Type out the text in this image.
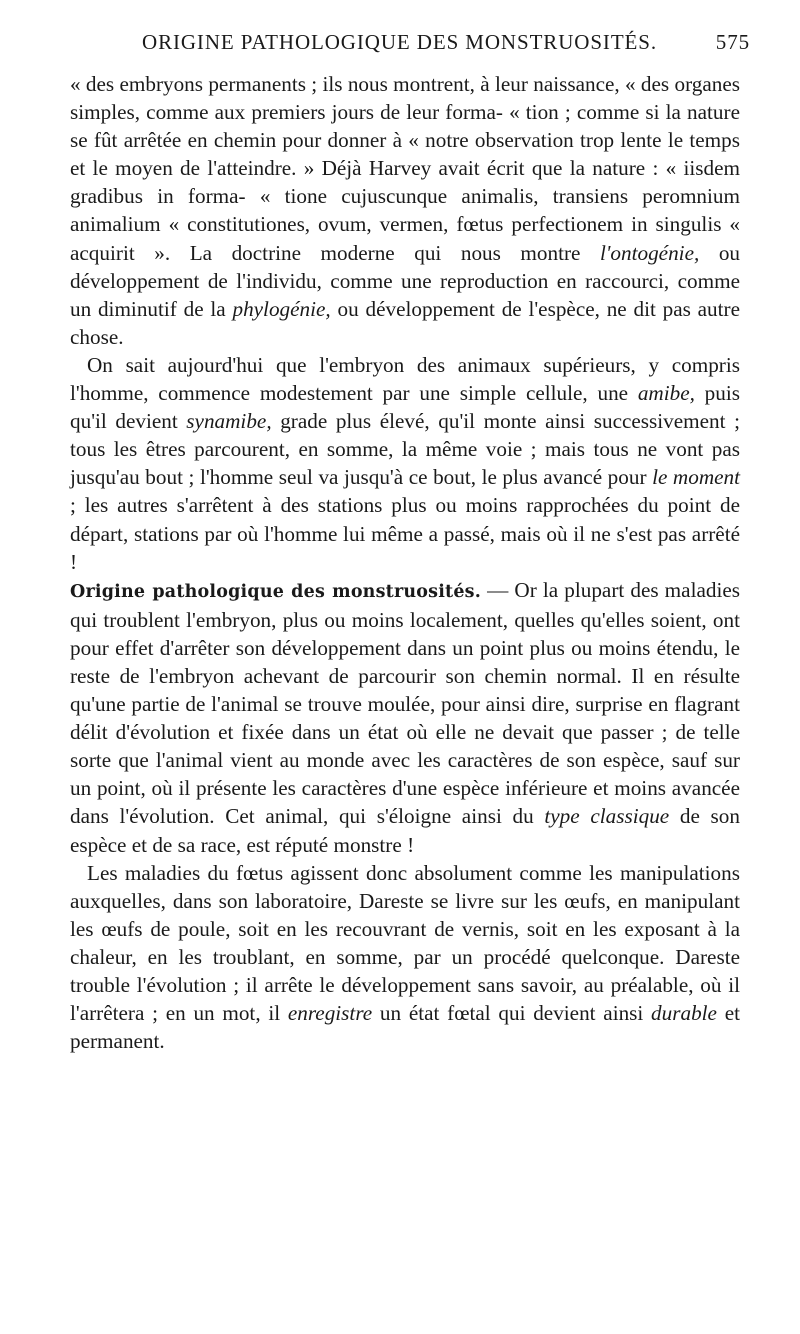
ORIGINE PATHOLOGIQUE DES MONSTRUOSITÉS.	575

« des embryons permanents ; ils nous montrent, à leur naissance, « des organes simples, comme aux premiers jours de leur forma- « tion ; comme si la nature se fût arrêtée en chemin pour donner à « notre observation trop lente le temps et le moyen de l'atteindre. » Déjà Harvey avait écrit que la nature : « iisdem gradibus in forma- « tione cujuscunque animalis, transiens peromnium animalium « constitutiones, ovum, vermen, fœtus perfectionem in singulis « acquirit ». La doctrine moderne qui nous montre l'ontogénie, ou développement de l'individu, comme une reproduction en raccourci, comme un diminutif de la phylogénie, ou développement de l'espèce, ne dit pas autre chose.

On sait aujourd'hui que l'embryon des animaux supérieurs, y compris l'homme, commence modestement par une simple cellule, une amibe, puis qu'il devient synamibe, grade plus élevé, qu'il monte ainsi successivement ; tous les êtres parcourent, en somme, la même voie ; mais tous ne vont pas jusqu'au bout ; l'homme seul va jusqu'à ce bout, le plus avancé pour le moment ; les autres s'arrêtent à des stations plus ou moins rapprochées du point de départ, stations par où l'homme lui même a passé, mais où il ne s'est pas arrêté !

Origine pathologique des monstruosités. — Or la plupart des maladies qui troublent l'embryon, plus ou moins localement, quelles qu'elles soient, ont pour effet d'arrêter son développement dans un point plus ou moins étendu, le reste de l'embryon achevant de parcourir son chemin normal. Il en résulte qu'une partie de l'animal se trouve moulée, pour ainsi dire, surprise en flagrant délit d'évolution et fixée dans un état où elle ne devait que passer ; de telle sorte que l'animal vient au monde avec les caractères de son espèce, sauf sur un point, où il présente les caractères d'une espèce inférieure et moins avancée dans l'évolution. Cet animal, qui s'éloigne ainsi du type classique de son espèce et de sa race, est réputé monstre !

Les maladies du fœtus agissent donc absolument comme les manipulations auxquelles, dans son laboratoire, Dareste se livre sur les œufs, en manipulant les œufs de poule, soit en les recouvrant de vernis, soit en les exposant à la chaleur, en les troublant, en somme, par un procédé quelconque. Dareste trouble l'évolution ; il arrête le développement sans savoir, au préalable, où il l'arrêtera ; en un mot, il enregistre un état fœtal qui devient ainsi durable et permanent.
